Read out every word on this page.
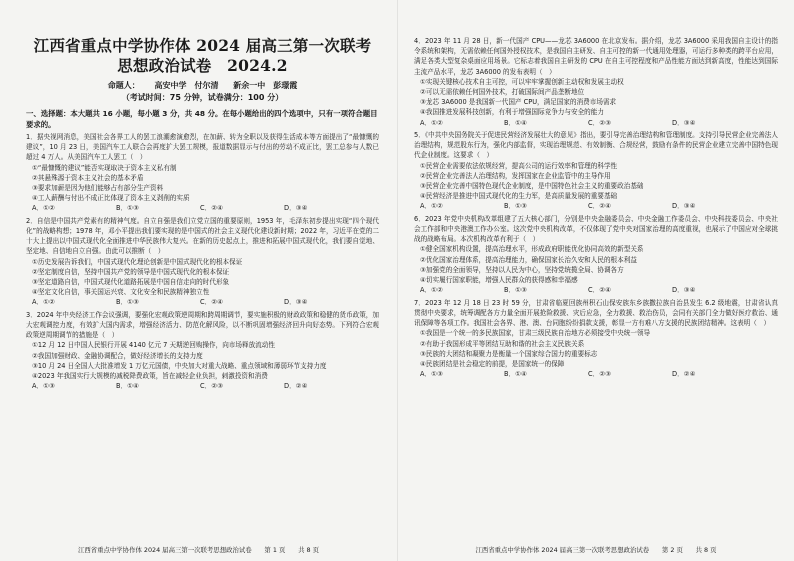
江西省重点中学协作体 2024 届高三第一次联考
思想政治试卷　2024.2
命题人： 高安中学　付尔清 新余一中　彭璟霞
（考试时间：75 分钟，试卷满分：100 分）
一、选择题：本大题共 16 小题，每小题 3 分，共 48 分。在每小题给出的四个选项中，只有一项符合题目要求的。

1．据央视网消息，美国社会各界工人的罢工浪潮愈演愈烈，在加薪、转为全职以及获得生活成本等方面提出了“最慷慨的建议”，10 月 23 日，美国汽车工人联合会再度扩大罢工规模，报道数据显示与付出的劳动不成正比，罢工总参与人数已超过 4 万人。从美国汽车工人罢工（　）

①“最慷慨的建议”能否实现取决于资本主义私有制

②其悬殊源于资本主义社会的基本矛盾

③要求加薪是因为他们能够占有部分生产资料

④工人薪酬与付出不成正比体现了资本主义剥削的实质

A．①②	B．①③	C．②④	D．③④

2．自信是中国共产党素有的精神气度。自立自强是我们立党立国的重要原则，1953 年，毛泽东初步提出实现“四个现代化”的战略构想；1978 年，邓小平提出我们要实现的是中国式的社会主义现代化建设新时期；2022 年，习近平在党的二十大上提出以中国式现代化全面推进中华民族伟大复兴。在新的历史起点上，推进和拓展中国式现代化，我们要自觉地、坚定地、自信地自立自强。由此可以推断（　）

①历史发展告诉我们，中国式现代化理论创新是中国式现代化的根本保证

②坚定制度自信，坚持中国共产党的领导是中国式现代化的根本保证

③坚定道路自信，中国式现代化道路拓展是中国自信走向的时代形象

④坚定文化自信，事关国运兴衰、文化安全和民族精神独立性

A．①②	B．①③	C．②④	D．③④

3．2024 年中央经济工作会议强调，要强化宏观政策逆周期和跨周期调节，要实施积极的财政政策和稳健的货币政策，加大宏观调控力度，有效扩大国内需求，增强经济活力、防范化解风险，以不断巩固增强经济回升向好态势。下列符合宏观政策逆周期调节的措施是（　）

①12 月 12 日中国人民银行开展 4140 亿元 7 天期逆回购操作，向市场释放流动性

②我国加强财政、金融协调配合，做好经济增长的支持力度

③10 月 24 日全国人大批准增发 1 万亿元国债，中央加大对重大战略、重点领域和薄弱环节支持力度

④2023 年我国实行大规模的减税降费政策，旨在减轻企业负担，刺激投资和消费

A．①③	B．①④	C．②③	D．②④
江西省重点中学协作体 2024 届高三第一次联考思想政治试卷　　第 1 页　　共 8 页

4．2023 年 11 月 28 日，新一代国产 CPU——龙芯 3A6000 在北京发布。据介绍，龙芯 3A6000 采用我国自主设计的指令系统和架构，无需依赖任何国外授权技术，是我国自主研发、自主可控的新一代通用处理器，可运行多种类的跨平台应用，满足各类大型复杂桌面应用场景。它标志着我国自主研发的 CPU 在自主可控程度和产品性能方面达到新高度，性能达到国际主流产品水平，龙芯 3A6000 的发布表明（　）

①实现关键核心技术自主可控，可以牢牢掌握创新主动权和发展主动权

②可以无需依赖任何国外技术，打破国际间产品垄断地位

③龙芯 3A6000 是我国新一代国产 CPU，满足国家的消费市场需求

④我国推进发展科技创新，有利于增强国际竞争力与安全的能力

A．①②	B．①④	C．②③	D．③④

5．《中共中央国务院关于促进民营经济发展壮大的意见》指出，要引导完善治理结构和管理制度。支持引导民营企业完善法人治理结构，规范股东行为，强化内部监督，实现治理规范、有效制衡、合规经营，鼓励有条件的民营企业建立完善中国特色现代企业制度。这要求（　）

①民营企业需要依法依规经营，提高公司的运行效率和管理的科学性

②民营企业完善法人治理结构，发挥国家在企业监管中的主导作用

③民营企业完善中国特色现代企业制度，是中国特色社会主义的重要政治基础

④民营经济是推进中国式现代化的生力军，是高质量发展的重要基础

A．①②	B．①③	C．②④	D．③④

6．2023 年党中央机构改革组建了五大核心部门，分别是中央金融委员会、中央金融工作委员会、中央科技委员会、中央社会工作部和中央港澳工作办公室。这次党中央机构改革，不仅体现了党中央对国家治理的高度重视，也展示了中国应对全球挑战的战略布局。本次机构改革有利于（　）

①健全国家机构设置，提高治理水平，形成政府职能优化协同高效的新型关系

②优化国家治理体系，提高治理能力，确保国家长治久安和人民的根本利益

③加强党的全面领导，坚持以人民为中心，坚持党统揽全局、协调各方

④切实履行国家职能，增强人民群众的获得感和幸福感

A．①②	B．①③	C．②④	D．③④

7．2023 年 12 月 18 日 23 时 59 分，甘肃省临夏回族州积石山保安族东乡族撒拉族自治县发生 6.2 级地震，甘肃省认真贯彻中央要求，统筹调配各方力量全面开展抢险救援、灾后应急，全力救援、救治伤员，会同有关部门全力做好医疗救治、通讯保障等各项工作。我国社会各界、港、澳、台同胞纷纷捐款支援，彰显一方有难八方支援的民族团结精神。这表明（　）

①我国是一个统一的多民族国家，甘肃三级民族自治地方必须接受中央统一领导

②有助于我国形成平等团结互助和谐的社会主义民族关系

③民族的大团结和凝聚力是衡量一个国家综合国力的重要标志

④民族团结是社会稳定的前提，是国家统一的保障

A．①③	B．①④	C．②③	D．②④
江西省重点中学协作体 2024 届高三第一次联考思想政治试卷　　第 2 页　　共 8 页
